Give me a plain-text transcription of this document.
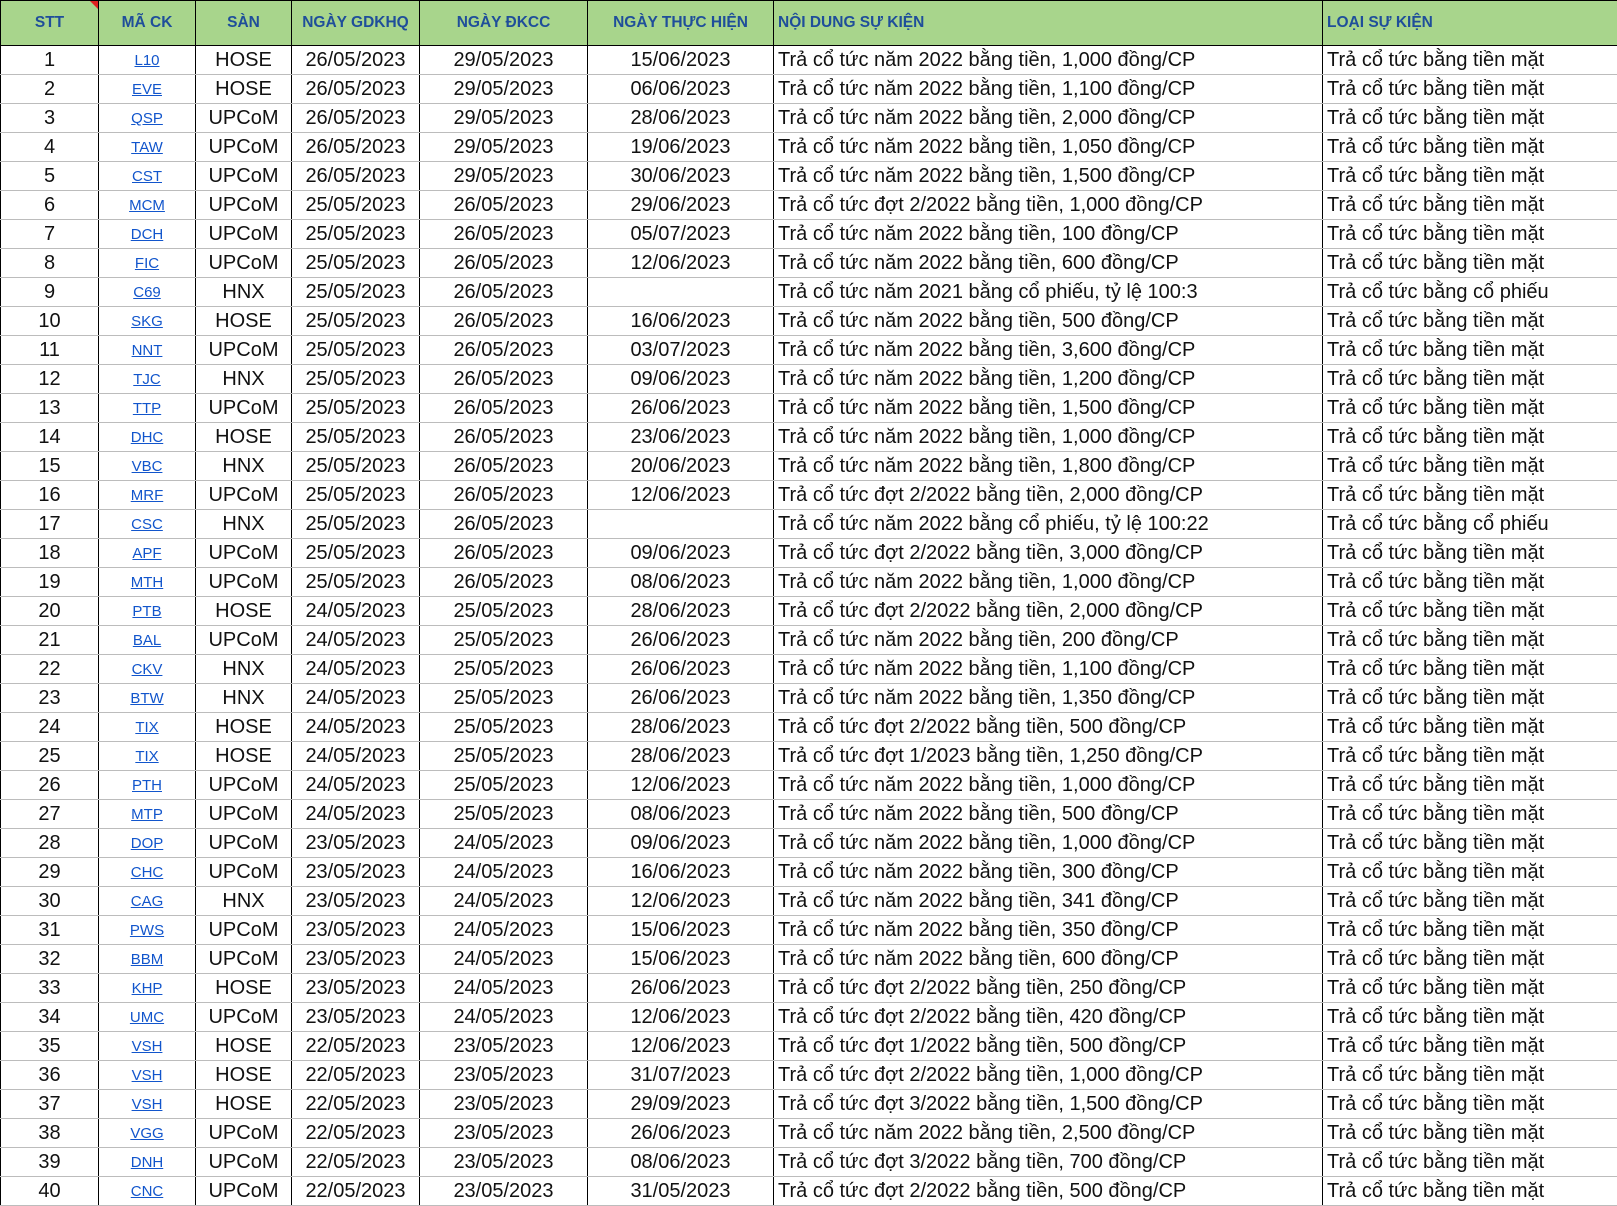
STT	MÃ CK	SÀN	NGÀY GDKHQ	NGÀY ĐKCC	NGÀY THỰC HIỆN	NỘI DUNG SỰ KIỆN	LOẠI SỰ KIỆN
1	L10	HOSE	26/05/2023	29/05/2023	15/06/2023	Trả cổ tức năm 2022 bằng tiền, 1,000 đồng/CP	Trả cổ tức bằng tiền mặt
2	EVE	HOSE	26/05/2023	29/05/2023	06/06/2023	Trả cổ tức năm 2022 bằng tiền, 1,100 đồng/CP	Trả cổ tức bằng tiền mặt
3	QSP	UPCoM	26/05/2023	29/05/2023	28/06/2023	Trả cổ tức năm 2022 bằng tiền, 2,000 đồng/CP	Trả cổ tức bằng tiền mặt
4	TAW	UPCoM	26/05/2023	29/05/2023	19/06/2023	Trả cổ tức năm 2022 bằng tiền, 1,050 đồng/CP	Trả cổ tức bằng tiền mặt
5	CST	UPCoM	26/05/2023	29/05/2023	30/06/2023	Trả cổ tức năm 2022 bằng tiền, 1,500 đồng/CP	Trả cổ tức bằng tiền mặt
6	MCM	UPCoM	25/05/2023	26/05/2023	29/06/2023	Trả cổ tức đợt 2/2022 bằng tiền, 1,000 đồng/CP	Trả cổ tức bằng tiền mặt
7	DCH	UPCoM	25/05/2023	26/05/2023	05/07/2023	Trả cổ tức năm 2022 bằng tiền, 100 đồng/CP	Trả cổ tức bằng tiền mặt
8	FIC	UPCoM	25/05/2023	26/05/2023	12/06/2023	Trả cổ tức năm 2022 bằng tiền, 600 đồng/CP	Trả cổ tức bằng tiền mặt
9	C69	HNX	25/05/2023	26/05/2023		Trả cổ tức năm 2021 bằng cổ phiếu, tỷ lệ 100:3	Trả cổ tức bằng cổ phiếu
10	SKG	HOSE	25/05/2023	26/05/2023	16/06/2023	Trả cổ tức năm 2022 bằng tiền, 500 đồng/CP	Trả cổ tức bằng tiền mặt
11	NNT	UPCoM	25/05/2023	26/05/2023	03/07/2023	Trả cổ tức năm 2022 bằng tiền, 3,600 đồng/CP	Trả cổ tức bằng tiền mặt
12	TJC	HNX	25/05/2023	26/05/2023	09/06/2023	Trả cổ tức năm 2022 bằng tiền, 1,200 đồng/CP	Trả cổ tức bằng tiền mặt
13	TTP	UPCoM	25/05/2023	26/05/2023	26/06/2023	Trả cổ tức năm 2022 bằng tiền, 1,500 đồng/CP	Trả cổ tức bằng tiền mặt
14	DHC	HOSE	25/05/2023	26/05/2023	23/06/2023	Trả cổ tức năm 2022 bằng tiền, 1,000 đồng/CP	Trả cổ tức bằng tiền mặt
15	VBC	HNX	25/05/2023	26/05/2023	20/06/2023	Trả cổ tức năm 2022 bằng tiền, 1,800 đồng/CP	Trả cổ tức bằng tiền mặt
16	MRF	UPCoM	25/05/2023	26/05/2023	12/06/2023	Trả cổ tức đợt 2/2022 bằng tiền, 2,000 đồng/CP	Trả cổ tức bằng tiền mặt
17	CSC	HNX	25/05/2023	26/05/2023		Trả cổ tức năm 2022 bằng cổ phiếu, tỷ lệ 100:22	Trả cổ tức bằng cổ phiếu
18	APF	UPCoM	25/05/2023	26/05/2023	09/06/2023	Trả cổ tức đợt 2/2022 bằng tiền, 3,000 đồng/CP	Trả cổ tức bằng tiền mặt
19	MTH	UPCoM	25/05/2023	26/05/2023	08/06/2023	Trả cổ tức năm 2022 bằng tiền, 1,000 đồng/CP	Trả cổ tức bằng tiền mặt
20	PTB	HOSE	24/05/2023	25/05/2023	28/06/2023	Trả cổ tức đợt 2/2022 bằng tiền, 2,000 đồng/CP	Trả cổ tức bằng tiền mặt
21	BAL	UPCoM	24/05/2023	25/05/2023	26/06/2023	Trả cổ tức năm 2022 bằng tiền, 200 đồng/CP	Trả cổ tức bằng tiền mặt
22	CKV	HNX	24/05/2023	25/05/2023	26/06/2023	Trả cổ tức năm 2022 bằng tiền, 1,100 đồng/CP	Trả cổ tức bằng tiền mặt
23	BTW	HNX	24/05/2023	25/05/2023	26/06/2023	Trả cổ tức năm 2022 bằng tiền, 1,350 đồng/CP	Trả cổ tức bằng tiền mặt
24	TIX	HOSE	24/05/2023	25/05/2023	28/06/2023	Trả cổ tức đợt 2/2022 bằng tiền, 500 đồng/CP	Trả cổ tức bằng tiền mặt
25	TIX	HOSE	24/05/2023	25/05/2023	28/06/2023	Trả cổ tức đợt 1/2023 bằng tiền, 1,250 đồng/CP	Trả cổ tức bằng tiền mặt
26	PTH	UPCoM	24/05/2023	25/05/2023	12/06/2023	Trả cổ tức năm 2022 bằng tiền, 1,000 đồng/CP	Trả cổ tức bằng tiền mặt
27	MTP	UPCoM	24/05/2023	25/05/2023	08/06/2023	Trả cổ tức năm 2022 bằng tiền, 500 đồng/CP	Trả cổ tức bằng tiền mặt
28	DOP	UPCoM	23/05/2023	24/05/2023	09/06/2023	Trả cổ tức năm 2022 bằng tiền, 1,000 đồng/CP	Trả cổ tức bằng tiền mặt
29	CHC	UPCoM	23/05/2023	24/05/2023	16/06/2023	Trả cổ tức năm 2022 bằng tiền, 300 đồng/CP	Trả cổ tức bằng tiền mặt
30	CAG	HNX	23/05/2023	24/05/2023	12/06/2023	Trả cổ tức năm 2022 bằng tiền, 341 đồng/CP	Trả cổ tức bằng tiền mặt
31	PWS	UPCoM	23/05/2023	24/05/2023	15/06/2023	Trả cổ tức năm 2022 bằng tiền, 350 đồng/CP	Trả cổ tức bằng tiền mặt
32	BBM	UPCoM	23/05/2023	24/05/2023	15/06/2023	Trả cổ tức năm 2022 bằng tiền, 600 đồng/CP	Trả cổ tức bằng tiền mặt
33	KHP	HOSE	23/05/2023	24/05/2023	26/06/2023	Trả cổ tức đợt 2/2022 bằng tiền, 250 đồng/CP	Trả cổ tức bằng tiền mặt
34	UMC	UPCoM	23/05/2023	24/05/2023	12/06/2023	Trả cổ tức đợt 2/2022 bằng tiền, 420 đồng/CP	Trả cổ tức bằng tiền mặt
35	VSH	HOSE	22/05/2023	23/05/2023	12/06/2023	Trả cổ tức đợt 1/2022 bằng tiền, 500 đồng/CP	Trả cổ tức bằng tiền mặt
36	VSH	HOSE	22/05/2023	23/05/2023	31/07/2023	Trả cổ tức đợt 2/2022 bằng tiền, 1,000 đồng/CP	Trả cổ tức bằng tiền mặt
37	VSH	HOSE	22/05/2023	23/05/2023	29/09/2023	Trả cổ tức đợt 3/2022 bằng tiền, 1,500 đồng/CP	Trả cổ tức bằng tiền mặt
38	VGG	UPCoM	22/05/2023	23/05/2023	26/06/2023	Trả cổ tức năm 2022 bằng tiền, 2,500 đồng/CP	Trả cổ tức bằng tiền mặt
39	DNH	UPCoM	22/05/2023	23/05/2023	08/06/2023	Trả cổ tức đợt 3/2022 bằng tiền, 700 đồng/CP	Trả cổ tức bằng tiền mặt
40	CNC	UPCoM	22/05/2023	23/05/2023	31/05/2023	Trả cổ tức đợt 2/2022 bằng tiền, 500 đồng/CP	Trả cổ tức bằng tiền mặt
